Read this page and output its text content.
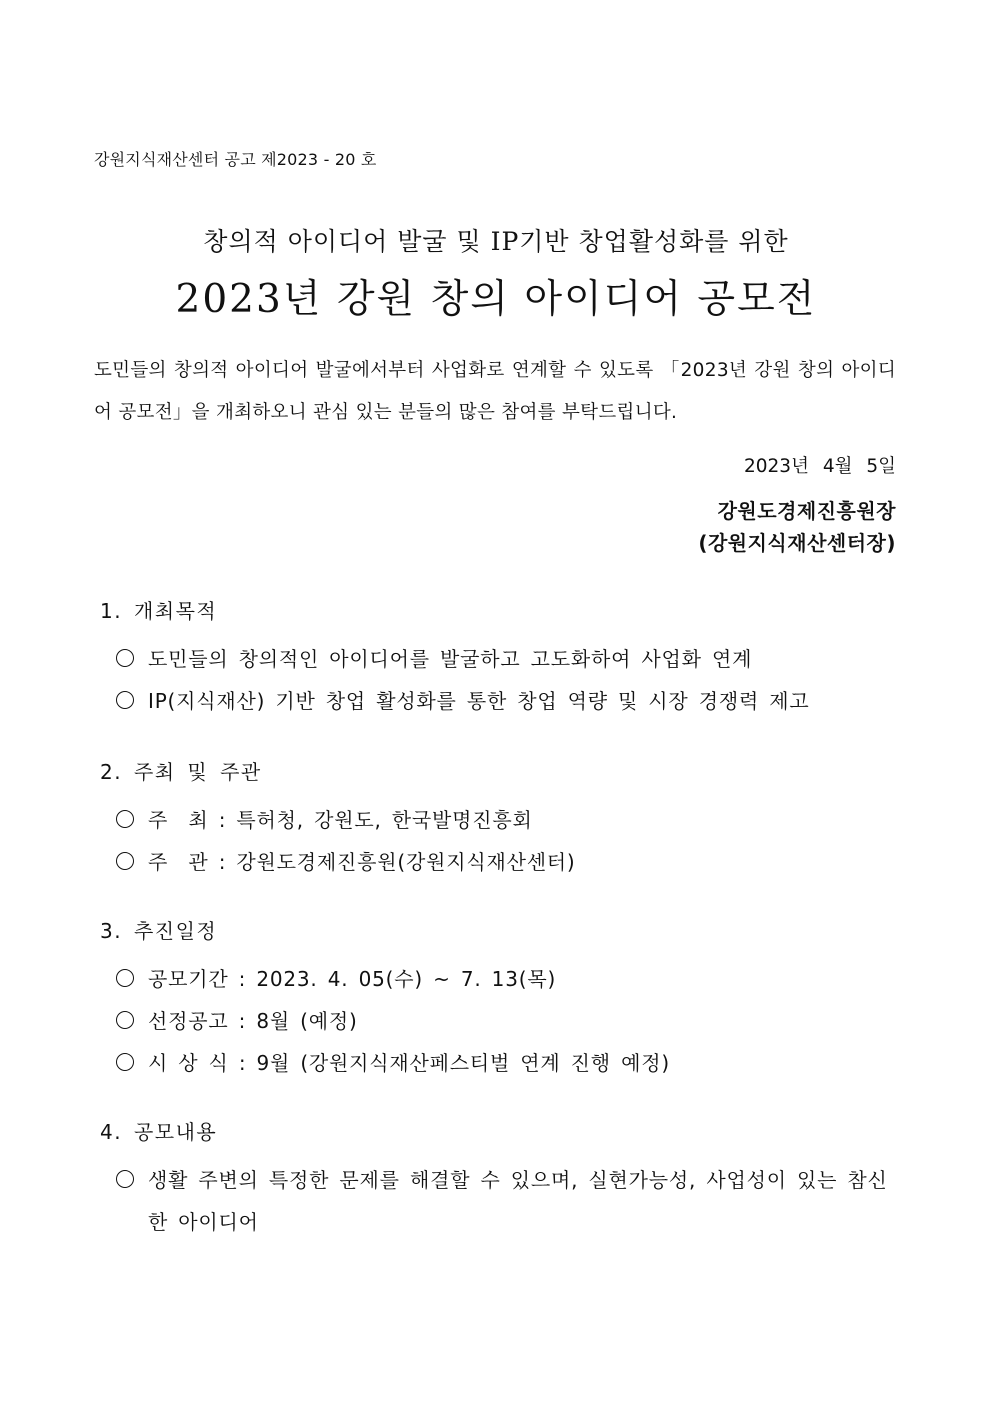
강원지식재산센터 공고 제2023 - 20 호
창의적 아이디어 발굴 및 IP기반 창업활성화를 위한
2023년 강원 창의 아이디어 공모전
도민들의 창의적 아이디어 발굴에서부터 사업화로 연계할 수 있도록 「2023년 강원 창의 아이디어 공모전」을 개최하오니 관심 있는 분들의 많은 참여를 부탁드립니다.
2023년 4월 5일
강원도경제진흥원장
(강원지식재산센터장)
1. 개최목적
도민들의 창의적인 아이디어를 발굴하고 고도화하여 사업화 연계
IP(지식재산) 기반 창업 활성화를 통한 창업 역량 및 시장 경쟁력 제고
2. 주최 및 주관
주  최 : 특허청, 강원도, 한국발명진흥회
주  관 : 강원도경제진흥원(강원지식재산센터)
3. 추진일정
공모기간 : 2023. 4. 05(수) ~ 7. 13(목)
선정공고 : 8월 (예정)
시 상 식 : 9월 (강원지식재산페스티벌 연계 진행 예정)
4. 공모내용
생활 주변의 특정한 문제를 해결할 수 있으며, 실현가능성, 사업성이 있는 참신한 아이디어
